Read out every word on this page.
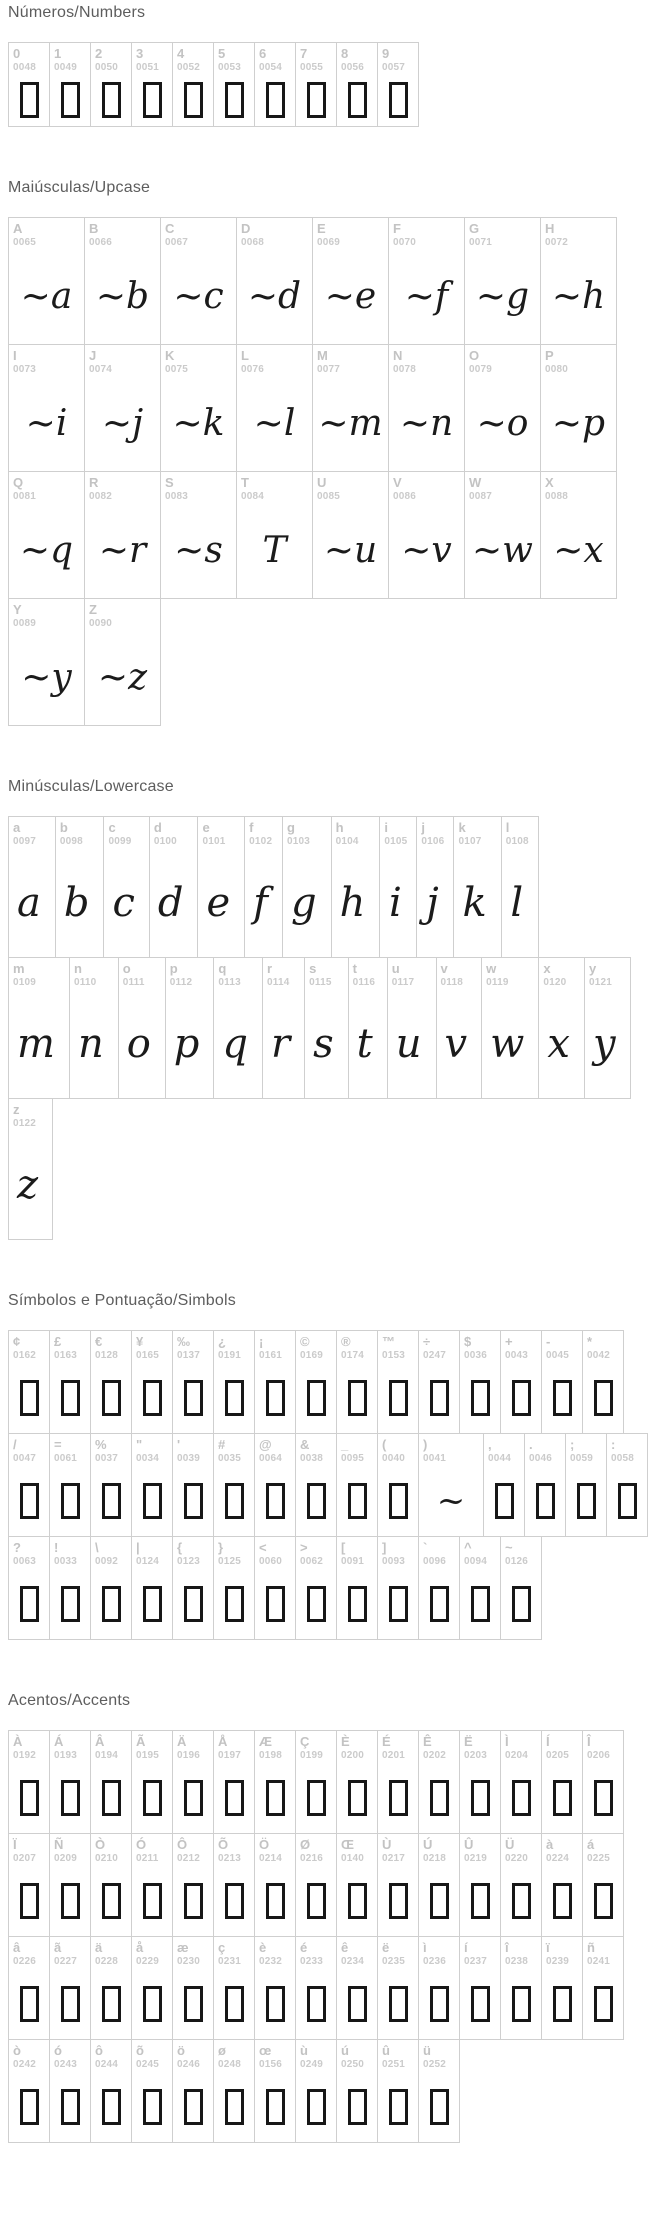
Números/Numbers
0
0048
1
0049
2
0050
3
0051
4
0052
5
0053
6
0054
7
0055
8
0056
9
0057
Maiúsculas/Upcase
A
0065
~a
B
0066
~b
C
0067
~c
D
0068
~d
E
0069
~e
F
0070
~f
G
0071
~g
H
0072
~h
I
0073
~i
J
0074
~j
K
0075
~k
L
0076
~l
M
0077
~m
N
0078
~n
O
0079
~o
P
0080
~p
Q
0081
~q
R
0082
~r
S
0083
~s
T
0084
T
U
0085
~u
V
0086
~v
W
0087
~w
X
0088
~x
Y
0089
~y
Z
0090
~z
Minúsculas/Lowercase
a
0097
a
b
0098
b
c
0099
c
d
0100
d
e
0101
e
f
0102
f
g
0103
g
h
0104
h
i
0105
i
j
0106
j
k
0107
k
l
0108
l
m
0109
m
n
0110
n
o
0111
o
p
0112
p
q
0113
q
r
0114
r
s
0115
s
t
0116
t
u
0117
u
v
0118
v
w
0119
w
x
0120
x
y
0121
y
z
0122
z
Símbolos e Pontuação/Simbols
¢
0162
£
0163
€
0128
¥
0165
‰
0137
¿
0191
¡
0161
©
0169
®
0174
™
0153
÷
0247
$
0036
+
0043
-
0045
*
0042
/
0047
=
0061
%
0037
"
0034
'
0039
#
0035
@
0064
&
0038
_
0095
(
0040
)
0041
~
,
0044
.
0046
;
0059
:
0058
?
0063
!
0033
\
0092
|
0124
{
0123
}
0125
<
0060
>
0062
[
0091
]
0093
`
0096
^
0094
~
0126
Acentos/Accents
À
0192
Á
0193
Â
0194
Ã
0195
Ä
0196
Å
0197
Æ
0198
Ç
0199
È
0200
É
0201
Ê
0202
Ë
0203
Ì
0204
Í
0205
Î
0206
Ï
0207
Ñ
0209
Ò
0210
Ó
0211
Ô
0212
Õ
0213
Ö
0214
Ø
0216
Œ
0140
Ù
0217
Ú
0218
Û
0219
Ü
0220
à
0224
á
0225
â
0226
ã
0227
ä
0228
å
0229
æ
0230
ç
0231
è
0232
é
0233
ê
0234
ë
0235
ì
0236
í
0237
î
0238
ï
0239
ñ
0241
ò
0242
ó
0243
ô
0244
õ
0245
ö
0246
ø
0248
œ
0156
ù
0249
ú
0250
û
0251
ü
0252
